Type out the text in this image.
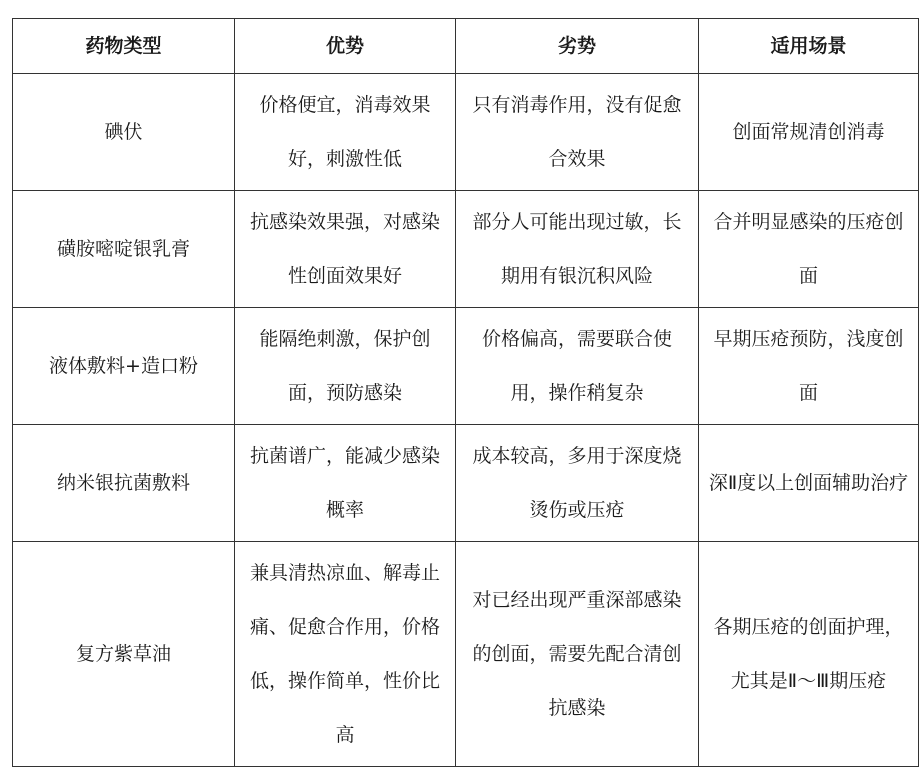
药物类型	优势	劣势	适用场景
碘伏	价格便宜，消毒效果好，刺激性低	只有消毒作用，没有促愈合效果	创面常规清创消毒
磺胺嘧啶银乳膏	抗感染效果强，对感染性创面效果好	部分人可能出现过敏，长期用有银沉积风险	合并明显感染的压疮创面
液体敷料+造口粉	能隔绝刺激，保护创面，预防感染	价格偏高，需要联合使用，操作稍复杂	早期压疮预防，浅度创面
纳米银抗菌敷料	抗菌谱广，能减少感染概率	成本较高，多用于深度烧烫伤或压疮	深Ⅱ度以上创面辅助治疗
复方紫草油	兼具清热凉血、解毒止痛、促愈合作用，价格低，操作简单，性价比高	对已经出现严重深部感染的创面，需要先配合清创抗感染	各期压疮的创面护理，尤其是Ⅱ～Ⅲ期压疮
